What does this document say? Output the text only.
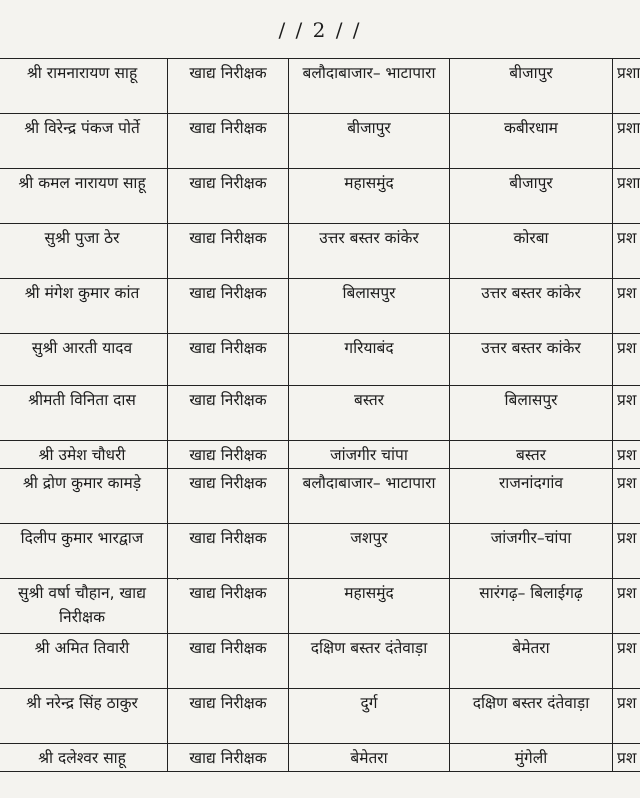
/ / 2 / /
श्री रामनारायण साहू	खाद्य निरीक्षक	बलौदाबाजार– भाटापारा	बीजापुर	प्रशा
श्री विरेन्द्र पंकज पोर्ते	खाद्य निरीक्षक	बीजापुर	कबीरधाम	प्रशा
श्री कमल नारायण साहू	खाद्य निरीक्षक	महासमुंद	बीजापुर	प्रशा
सुश्री पुजा ठेर	खाद्य निरीक्षक	उत्तर बस्तर कांकेर	कोरबा	प्रश
श्री मंगेश कुमार कांत	खाद्य निरीक्षक	बिलासपुर	उत्तर बस्तर कांकेर	प्रश
सुश्री आरती यादव	खाद्य निरीक्षक	गरियाबंद	उत्तर बस्तर कांकेर	प्रश
श्रीमती विनिता दास	खाद्य निरीक्षक	बस्तर	बिलासपुर	प्रश
श्री उमेश चौधरी	खाद्य निरीक्षक	जांजगीर चांपा	बस्तर	प्रश
श्री द्रोण कुमार कामड़े	खाद्य निरीक्षक	बलौदाबाजार– भाटापारा	राजनांदगांव	प्रश
दिलीप कुमार भारद्वाज	खाद्य निरीक्षक	जशपुर	जांजगीर–चांपा	प्रश
सुश्री वर्षा चौहान, खाद्य निरीक्षक	खाद्य निरीक्षक	महासमुंद	सारंगढ़– बिलाईगढ़	प्रश
श्री अमित तिवारी	खाद्य निरीक्षक	दक्षिण बस्तर दंतेवाड़ा	बेमेतरा	प्रश
श्री नरेन्द्र सिंह ठाकुर	खाद्य निरीक्षक	दुर्ग	दक्षिण बस्तर दंतेवाड़ा	प्रश
श्री दलेश्वर साहू	खाद्य निरीक्षक	बेमेतरा	मुंगेली	प्रश
·
